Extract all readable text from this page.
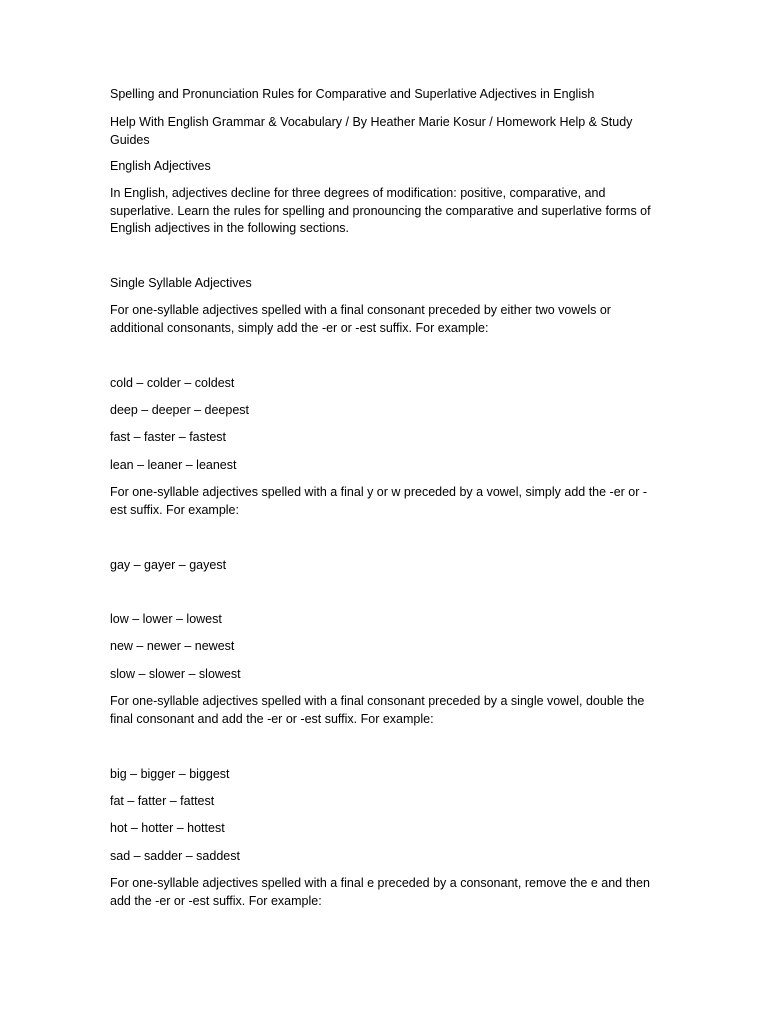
Spelling and Pronunciation Rules for Comparative and Superlative Adjectives in English

Help With English Grammar & Vocabulary / By Heather Marie Kosur / Homework Help & Study Guides

English Adjectives

In English, adjectives decline for three degrees of modification: positive, comparative, and superlative. Learn the rules for spelling and pronouncing the comparative and superlative forms of English adjectives in the following sections.

Single Syllable Adjectives

For one-syllable adjectives spelled with a final consonant preceded by either two vowels or additional consonants, simply add the -er or -est suffix. For example:

cold – colder – coldest

deep – deeper – deepest

fast – faster – fastest

lean – leaner – leanest

For one-syllable adjectives spelled with a final y or w preceded by a vowel, simply add the -er or -est suffix. For example:

gay – gayer – gayest

low – lower – lowest

new – newer – newest

slow – slower – slowest

For one-syllable adjectives spelled with a final consonant preceded by a single vowel, double the final consonant and add the -er or -est suffix. For example:

big – bigger – biggest

fat – fatter – fattest

hot – hotter – hottest

sad – sadder – saddest

For one-syllable adjectives spelled with a final e preceded by a consonant, remove the e and then add the -er or -est suffix. For example:
